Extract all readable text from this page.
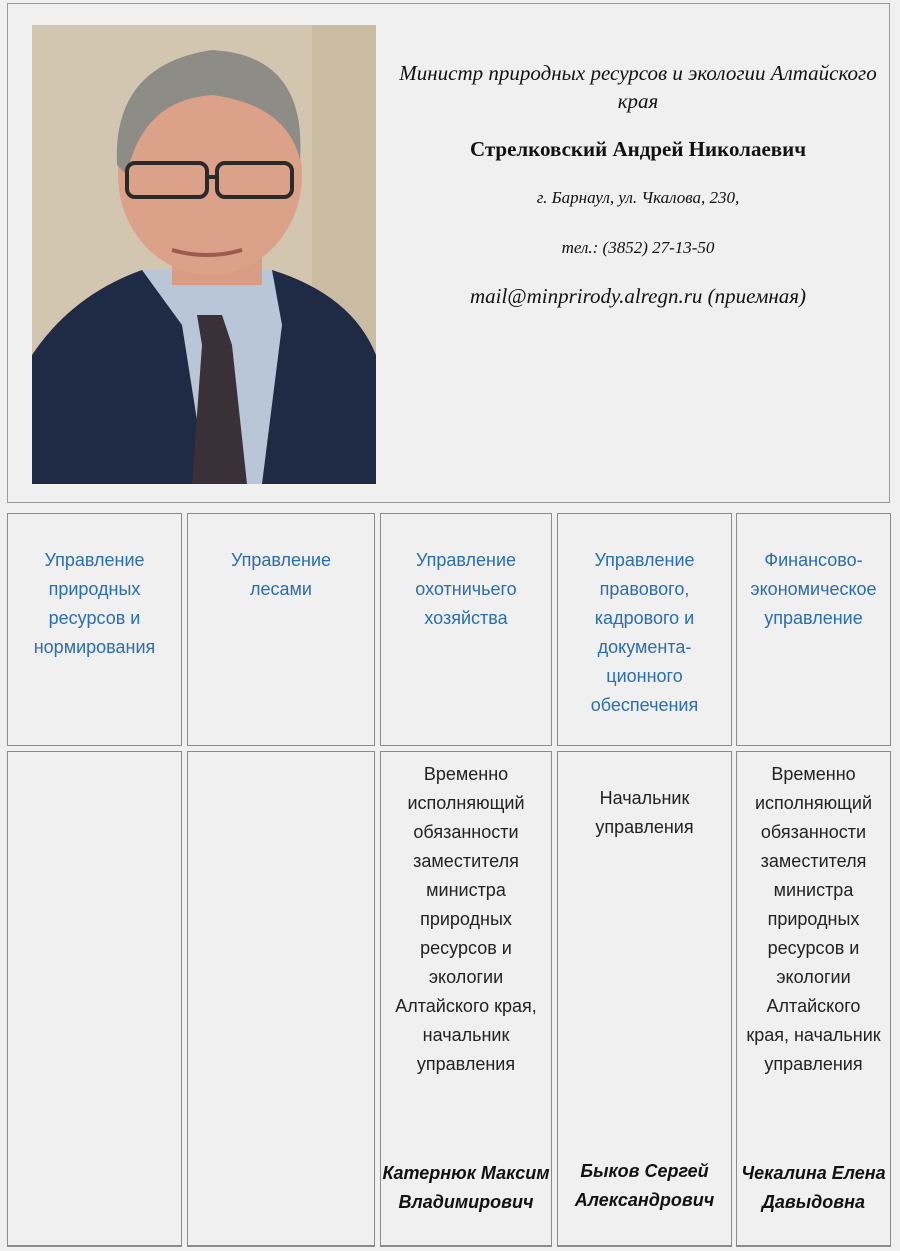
Министр природных ресурсов и экологии Алтайского края
Стрелковский Андрей Николаевич
г. Барнаул, ул. Чкалова, 230,
тел.: (3852) 27-13-50
mail@minprirody.alregn.ru (приемная)
Управление природных ресурсов и нормирования
Управление лесами
Управление охотничьего хозяйства
Управление правового, кадрового и документа-ционного обеспечения
Финансово-экономическое управление
Временно исполняющий обязанности заместителя министра природных ресурсов и экологии Алтайского края, начальник управления
Катернюк Максим Владимирович
Начальник управления
Быков Сергей Александрович
Временно исполняющий обязанности заместителя министра природных ресурсов и экологии Алтайского края, начальник управления
Чекалина Елена Давыдовна
